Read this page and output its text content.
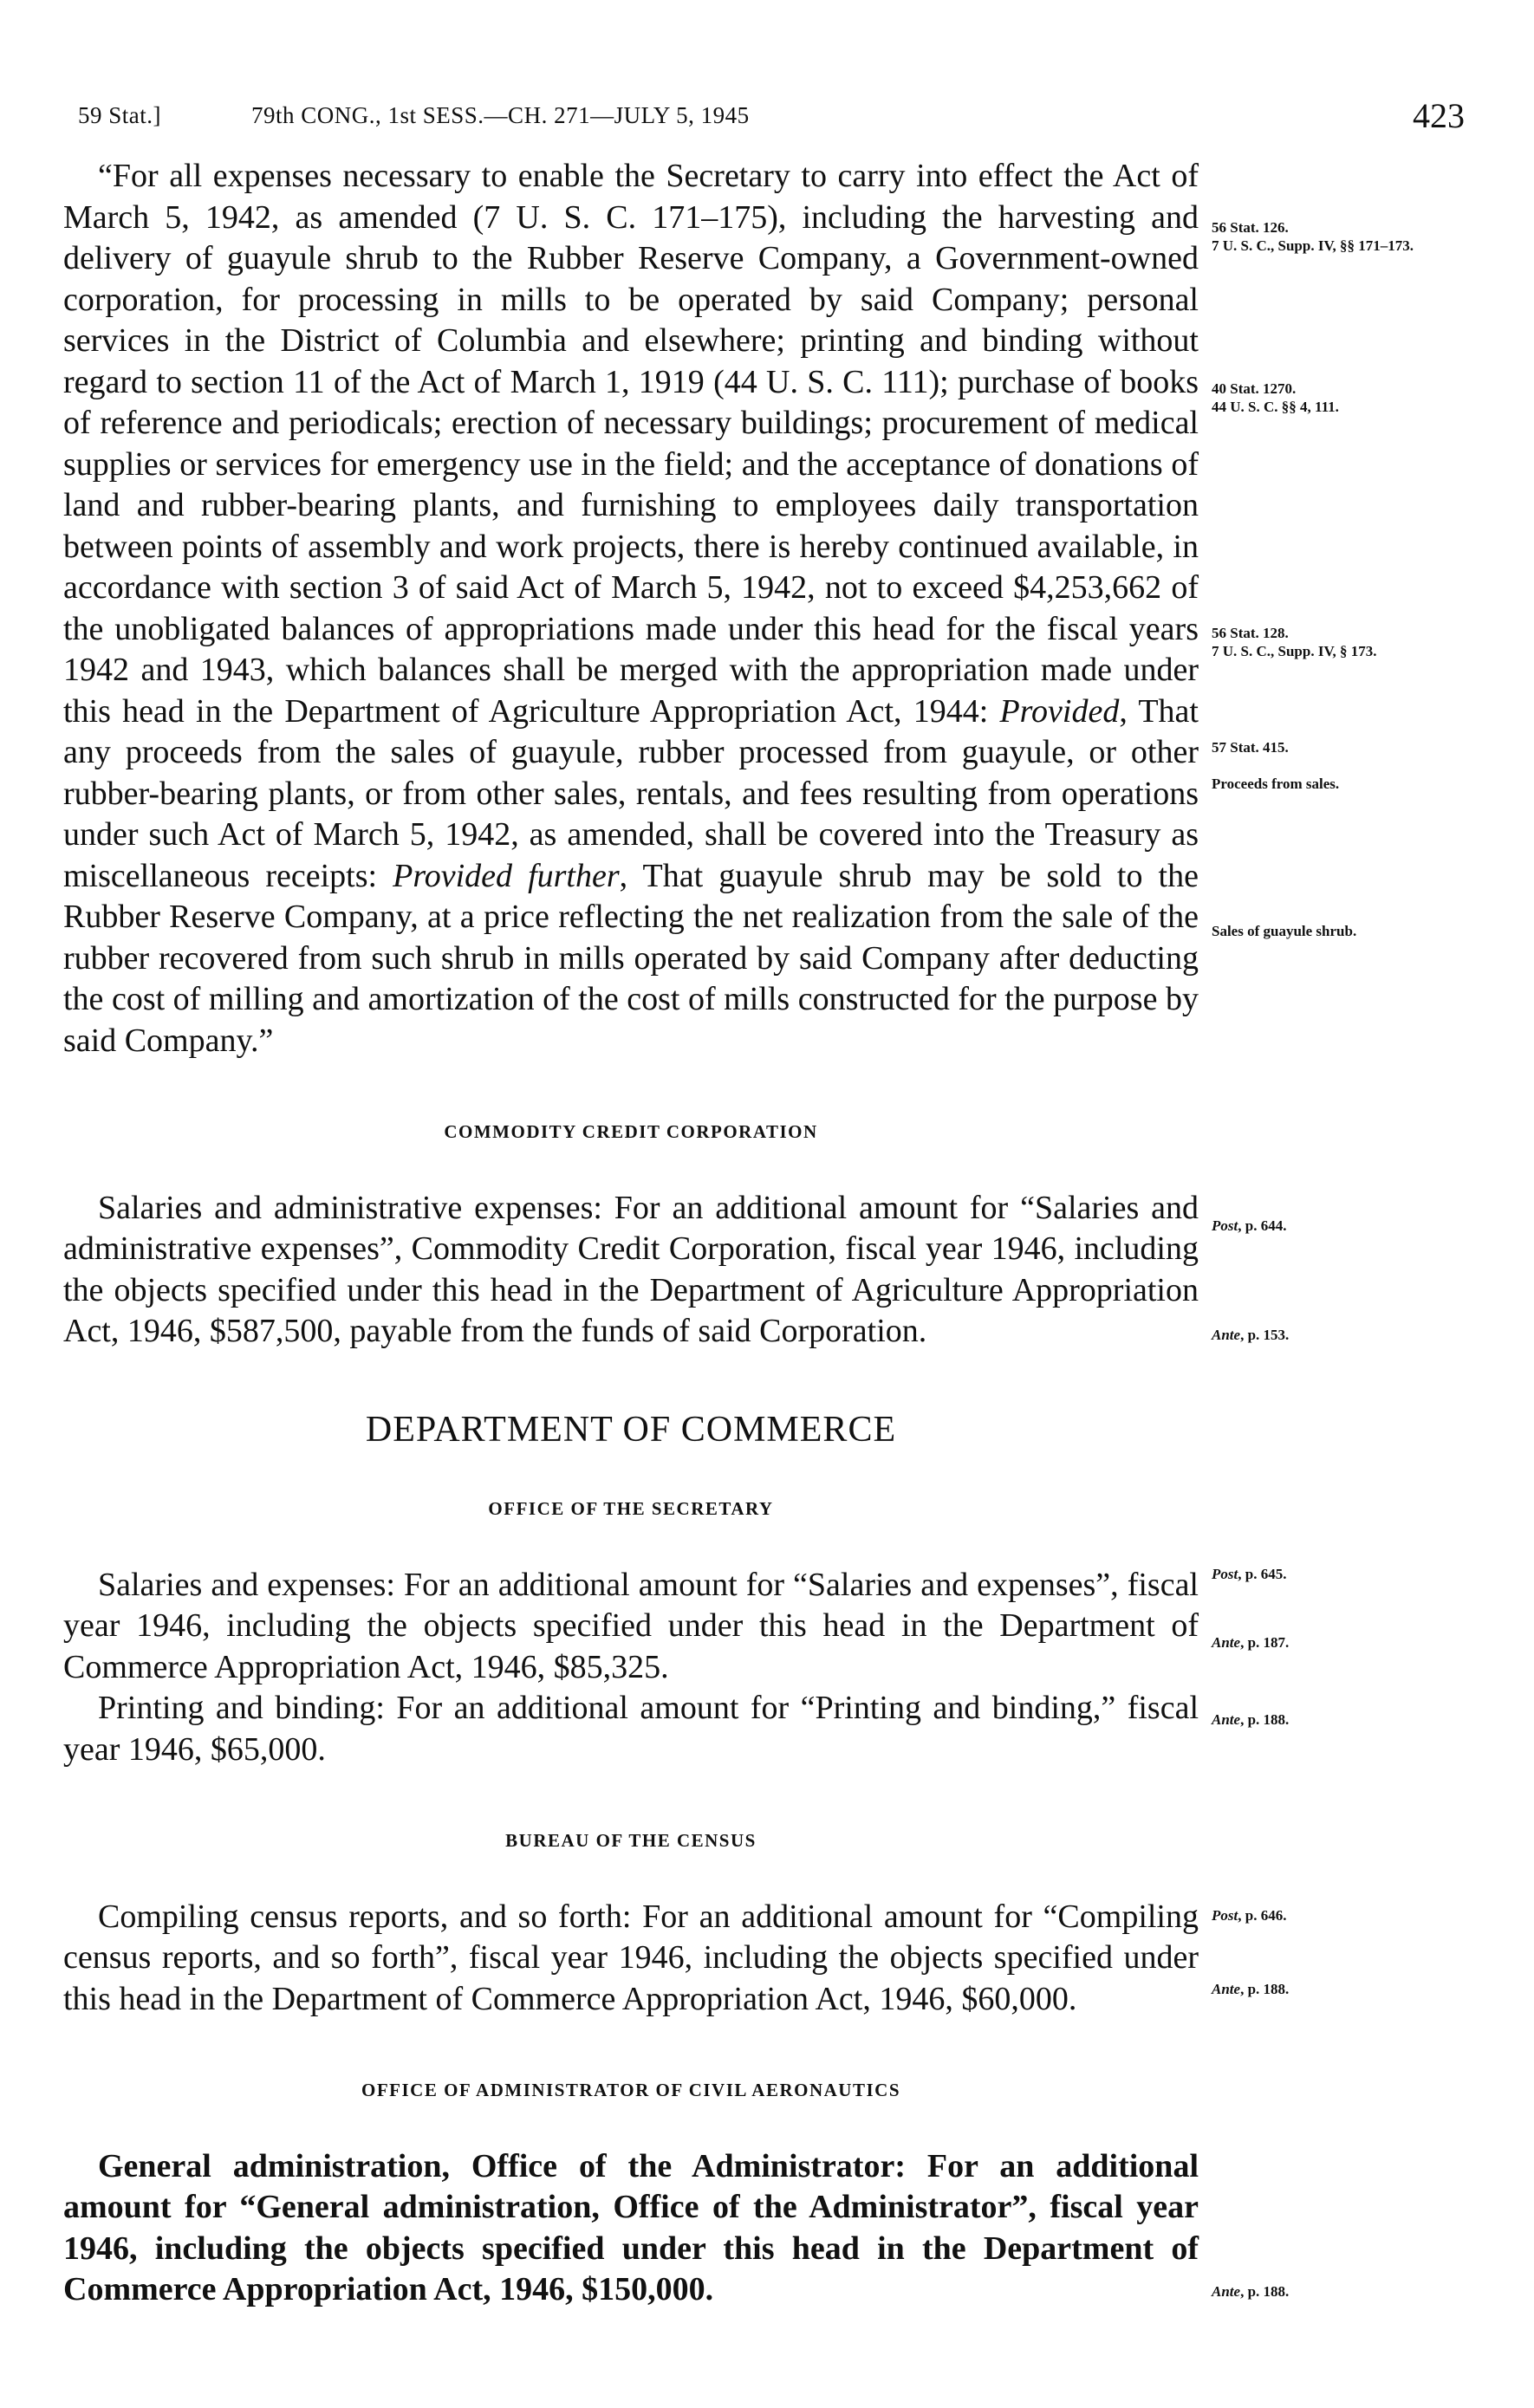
59 Stat.]	79th CONG., 1st SESS.—CH. 271—JULY 5, 1945	423

“For all expenses necessary to enable the Secretary to carry into effect the Act of March 5, 1942, as amended (7 U. S. C. 171–175), including the harvesting and delivery of guayule shrub to the Rubber Reserve Company, a Government-owned corporation, for processing in mills to be operated by said Company; personal services in the District of Columbia and elsewhere; printing and binding without regard to section 11 of the Act of March 1, 1919 (44 U. S. C. 111); purchase of books of reference and periodicals; erection of necessary buildings; procurement of medical supplies or services for emergency use in the field; and the acceptance of donations of land and rubber-bearing plants, and furnishing to employees daily transportation between points of assembly and work projects, there is hereby continued available, in accordance with section 3 of said Act of March 5, 1942, not to exceed $4,253,662 of the unobligated balances of appropriations made under this head for the fiscal years 1942 and 1943, which balances shall be merged with the appropriation made under this head in the Department of Agriculture Appropriation Act, 1944: Provided, That any proceeds from the sales of guayule, rubber processed from guayule, or other rubber-bearing plants, or from other sales, rentals, and fees resulting from operations under such Act of March 5, 1942, as amended, shall be covered into the Treasury as miscellaneous receipts: Provided further, That guayule shrub may be sold to the Rubber Reserve Company, at a price reflecting the net realization from the sale of the rubber recovered from such shrub in mills operated by said Company after deducting the cost of milling and amortization of the cost of mills constructed for the purpose by said Company.”

COMMODITY CREDIT CORPORATION

Salaries and administrative expenses: For an additional amount for “Salaries and administrative expenses”, Commodity Credit Corporation, fiscal year 1946, including the objects specified under this head in the Department of Agriculture Appropriation Act, 1946, $587,500, payable from the funds of said Corporation.

DEPARTMENT OF COMMERCE
OFFICE OF THE SECRETARY

Salaries and expenses: For an additional amount for “Salaries and expenses”, fiscal year 1946, including the objects specified under this head in the Department of Commerce Appropriation Act, 1946, $85,325.

Printing and binding: For an additional amount for “Printing and binding,” fiscal year 1946, $65,000.

BUREAU OF THE CENSUS

Compiling census reports, and so forth: For an additional amount for “Compiling census reports, and so forth”, fiscal year 1946, including the objects specified under this head in the Department of Commerce Appropriation Act, 1946, $60,000.

OFFICE OF ADMINISTRATOR OF CIVIL AERONAUTICS

General administration, Office of the Administrator: For an additional amount for “General administration, Office of the Administrator”, fiscal year 1946, including the objects specified under this head in the Department of Commerce Appropriation Act, 1946, $150,000.

56 Stat. 126.
7 U. S. C., Supp. IV, §§ 171–173.
40 Stat. 1270.
44 U. S. C. §§ 4, 111.
56 Stat. 128.
7 U. S. C., Supp. IV, § 173.
57 Stat. 415.
Proceeds from sales.
Sales of guayule shrub.
Post, p. 644.
Ante, p. 153.
Post, p. 645.
Ante, p. 187.
Ante, p. 188.
Post, p. 646.
Ante, p. 188.
Ante, p. 188.
